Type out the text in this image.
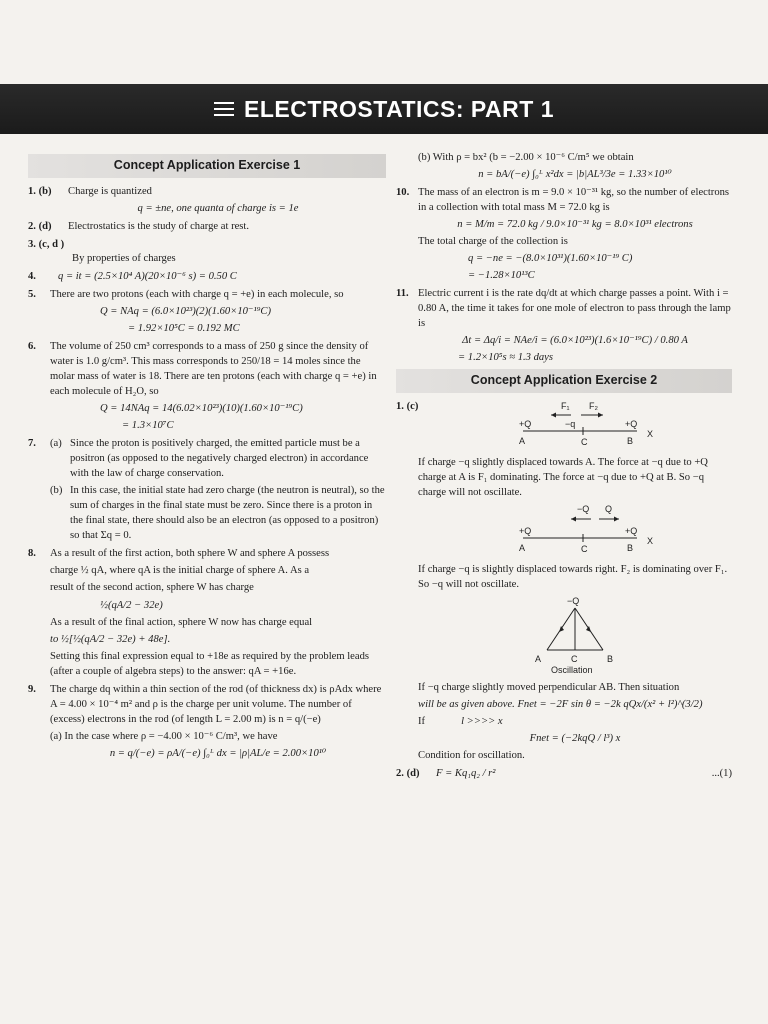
ELECTROSTATICS: PART 1
Concept Application Exercise 1
1. (b)	Charge is quantized

q = ±ne, one quanta of charge is = 1e
2. (d)	Electrostatics is the study of charge at rest.

3. (c, d )

By properties of charges

4.	q = it = (2.5×10⁴ A)(20×10⁻⁶ s) = 0.50 C
5. There are two protons (each with charge q = +e) in each molecule, so

Q = NAq = (6.0×10²³)(2)(1.60×10⁻¹⁹C)
= 1.92×10⁵C = 0.192 MC
6. The volume of 250 cm³ corresponds to a mass of 250 g since the density of water is 1.0 g/cm³. This mass corresponds to 250/18 = 14 moles since the molar mass of water is 18. There are ten protons (each with charge q = +e) in each molecule of H₂O, so

Q = 14NAq = 14(6.02×10²³)(10)(1.60×10⁻¹⁹C)
= 1.3×10⁷C
7. (a) Since the proton is positively charged, the emitted particle must be a positron (as opposed to the negatively charged electron) in accordance with the law of charge conservation.

(b) In this case, the initial state had zero charge (the neutron is neutral), so the sum of charges in the final state must be zero. Since there is a proton in the final state, there should also be an electron (as opposed to a positron) so that Σq = 0.

8. As a result of the first action, both sphere W and sphere A possess

charge ½ qA, where qA is the initial charge of sphere A. As a

result of the second action, sphere W has charge

½(qA/2 − 32e)

As a result of the final action, sphere W now has charge equal

to ½[½(qA/2 − 32e) + 48e].

Setting this final expression equal to +18e as required by the problem leads (after a couple of algebra steps) to the answer: qA = +16e.

9. The charge dq within a thin section of the rod (of thickness dx) is ρAdx where A = 4.00 × 10⁻⁴ m² and ρ is the charge per unit volume. The number of (excess) electrons in the rod (of length L = 2.00 m) is n = q/(−e)

(a) In the case where ρ = −4.00 × 10⁻⁶ C/m³, we have

n = q/(−e) = ρA/(−e) ∫₀ᴸ dx = |ρ|AL/e = 2.00×10¹⁰

(b) With ρ = bx² (b = −2.00 × 10⁻⁶ C/m⁵ we obtain

n = bA/(−e) ∫₀ᴸ x²dx = |b|AL³/3e = 1.33×10¹⁰
10. The mass of an electron is m = 9.0 × 10⁻³¹ kg, so the number of electrons in a collection with total mass M = 72.0 kg is

n = M/m = 72.0 kg / 9.0×10⁻³¹ kg = 8.0×10³¹ electrons

The total charge of the collection is

q = −ne = −(8.0×10³¹)(1.60×10⁻¹⁹ C)
= −1.28×10¹³C
11. Electric current i is the rate dq/dt at which charge passes a point. With i = 0.80 A, the time it takes for one mole of electron to pass through the lamp is

Δt = Δq/i = NAe/i = (6.0×10²³)(1.6×10⁻¹⁹C) / 0.80 A
= 1.2×10⁵s ≈ 1.3 days
Concept Application Exercise 2
1. (c)	F₁ F₂
+Q	−q	+Q
A	C	B
X

If charge −q slightly displaced towards A. The force at −q due to +Q charge at A is F₁ dominating. The force at −q due to +Q at B. So −q charge will not oscillate.

−Q Q
+Q	+Q
A	C	B
X

If charge −q is slightly displaced towards right. F₂ is dominating over F₁. So −q will not oscillate.

−Q
A	C	B
Oscillation

If −q charge slightly moved perpendicular AB. Then situation

will be as given above. Fnet = −2F sin θ = −2k qQx/(x² + l²)^(3/2)

If	l >>>> x
Fnet = (−2kqQ / l³) x

Condition for oscillation.

2. (d)	F = Kq₁q₂ / r²	...(1)
